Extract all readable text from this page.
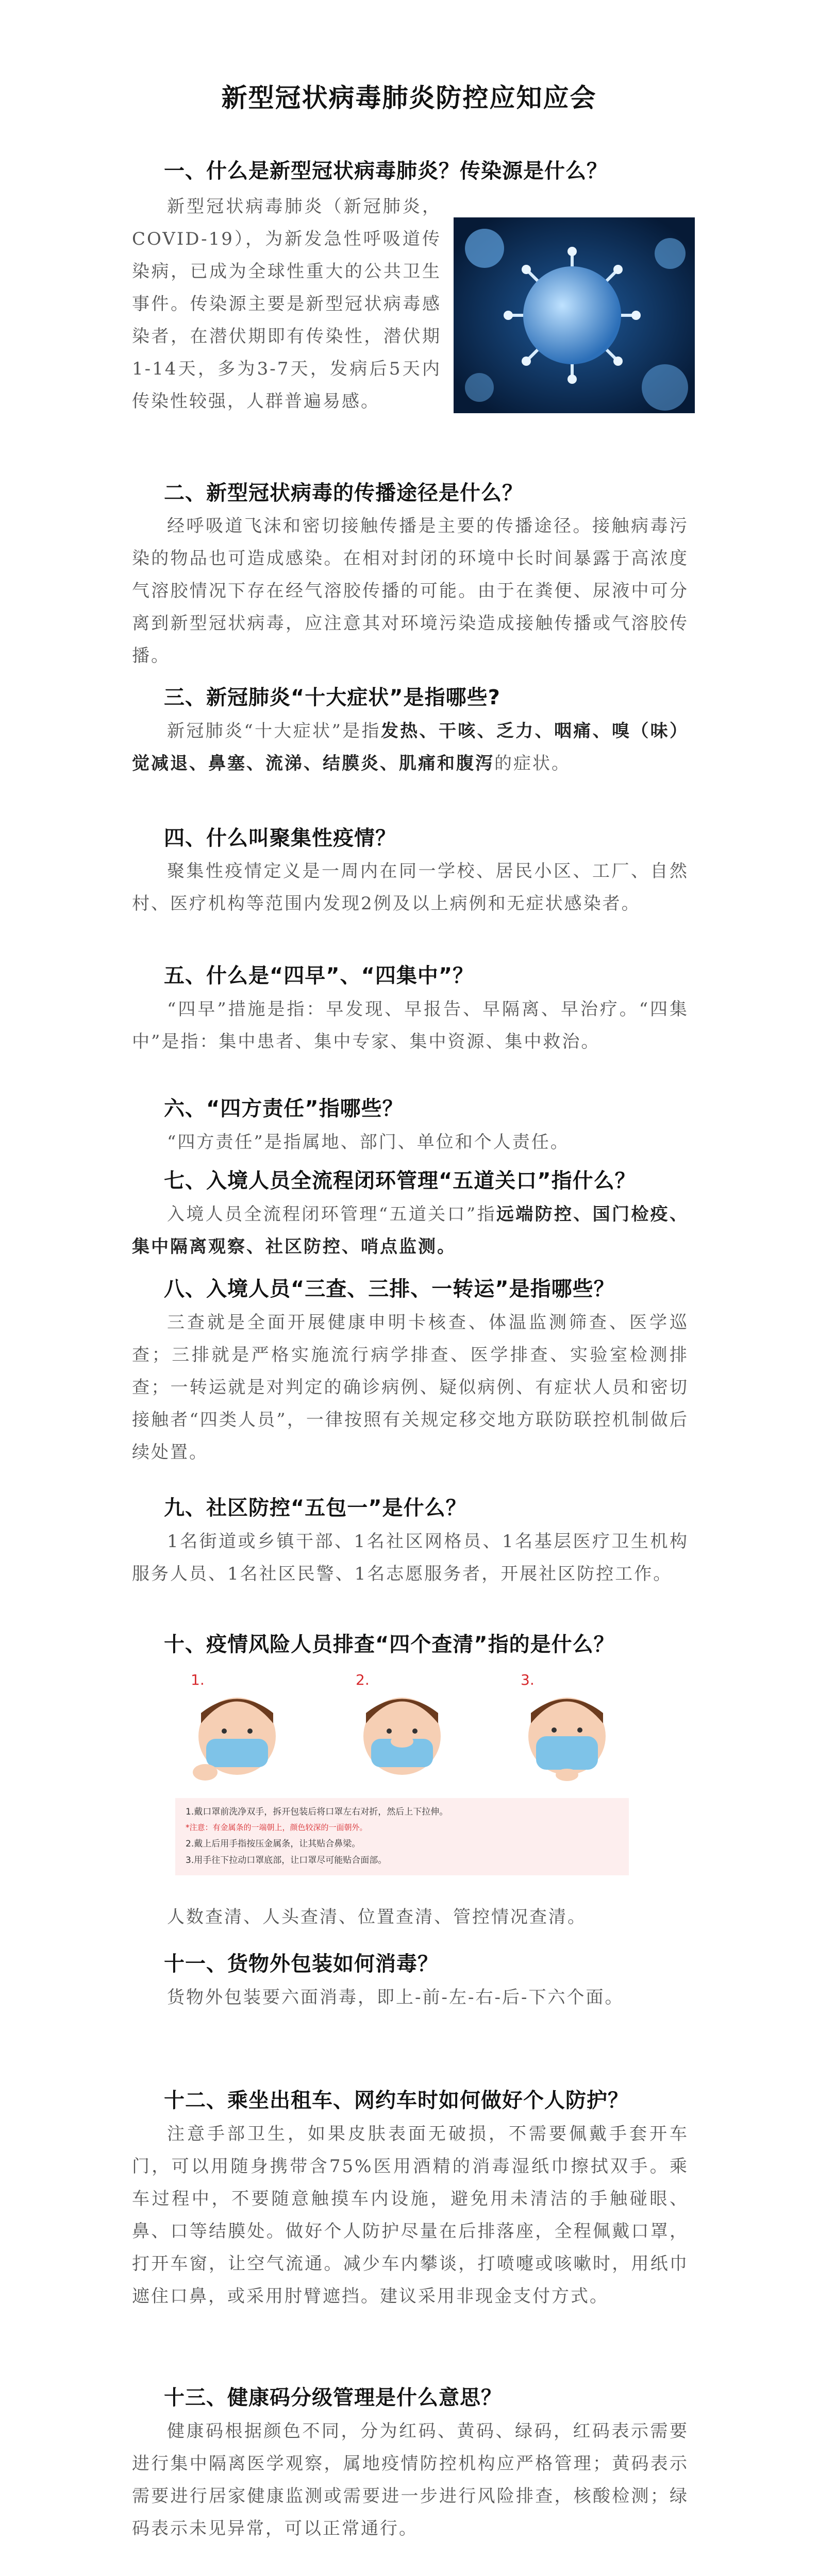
新型冠状病毒肺炎防控应知应会
一、什么是新型冠状病毒肺炎？传染源是什么？

新型冠状病毒肺炎（新冠肺炎，COVID-19），为新发急性呼吸道传染病，已成为全球性重大的公共卫生事件。传染源主要是新型冠状病毒感染者，在潜伏期即有传染性，潜伏期1-14天，多为3-7天，发病后5天内传染性较强，人群普遍易感。

二、新型冠状病毒的传播途径是什么？

经呼吸道飞沫和密切接触传播是主要的传播途径。接触病毒污染的物品也可造成感染。在相对封闭的环境中长时间暴露于高浓度气溶胶情况下存在经气溶胶传播的可能。由于在粪便、尿液中可分离到新型冠状病毒，应注意其对环境污染造成接触传播或气溶胶传播。

三、新冠肺炎“十大症状”是指哪些?

新冠肺炎“十大症状”是指发热、干咳、乏力、咽痛、嗅（味）觉减退、鼻塞、流涕、结膜炎、肌痛和腹泻的症状。

四、什么叫聚集性疫情？

聚集性疫情定义是一周内在同一学校、居民小区、工厂、自然村、医疗机构等范围内发现2例及以上病例和无症状感染者。

五、什么是“四早”、“四集中”？

“四早”措施是指：早发现、早报告、早隔离、早治疗。“四集中”是指：集中患者、集中专家、集中资源、集中救治。

六、“四方责任”指哪些？

“四方责任”是指属地、部门、单位和个人责任。

七、入境人员全流程闭环管理“五道关口”指什么？

入境人员全流程闭环管理“五道关口”指远端防控、国门检疫、集中隔离观察、社区防控、哨点监测。

八、入境人员“三查、三排、一转运”是指哪些？

三查就是全面开展健康申明卡核查、体温监测筛查、医学巡查；三排就是严格实施流行病学排查、医学排查、实验室检测排查；一转运就是对判定的确诊病例、疑似病例、有症状人员和密切接触者“四类人员”，一律按照有关规定移交地方联防联控机制做后续处置。

九、社区防控“五包一”是什么？

1名街道或乡镇干部、1名社区网格员、1名基层医疗卫生机构服务人员、1名社区民警、1名志愿服务者，开展社区防控工作。

十、疫情风险人员排查“四个查清”指的是什么？
1.	2.	3.
1.戴口罩前洗净双手，拆开包装后将口罩左右对折，然后上下拉伸。
*注意：有金属条的一端朝上，颜色较深的一面朝外。
2.戴上后用手指按压金属条，让其贴合鼻梁。
3.用手往下拉动口罩底部，让口罩尽可能贴合面部。

人数查清、人头查清、位置查清、管控情况查清。

十一、货物外包装如何消毒？

货物外包装要六面消毒，即上-前-左-右-后-下六个面。

十二、乘坐出租车、网约车时如何做好个人防护？

注意手部卫生，如果皮肤表面无破损，不需要佩戴手套开车门，可以用随身携带含75%医用酒精的消毒湿纸巾擦拭双手。乘车过程中，不要随意触摸车内设施，避免用未清洁的手触碰眼、鼻、口等结膜处。做好个人防护尽量在后排落座，全程佩戴口罩，打开车窗，让空气流通。减少车内攀谈，打喷嚏或咳嗽时，用纸巾遮住口鼻，或采用肘臂遮挡。建议采用非现金支付方式。

十三、健康码分级管理是什么意思？

健康码根据颜色不同，分为红码、黄码、绿码，红码表示需要进行集中隔离医学观察，属地疫情防控机构应严格管理；黄码表示需要进行居家健康监测或需要进一步进行风险排查，核酸检测；绿码表示未见异常，可以正常通行。
